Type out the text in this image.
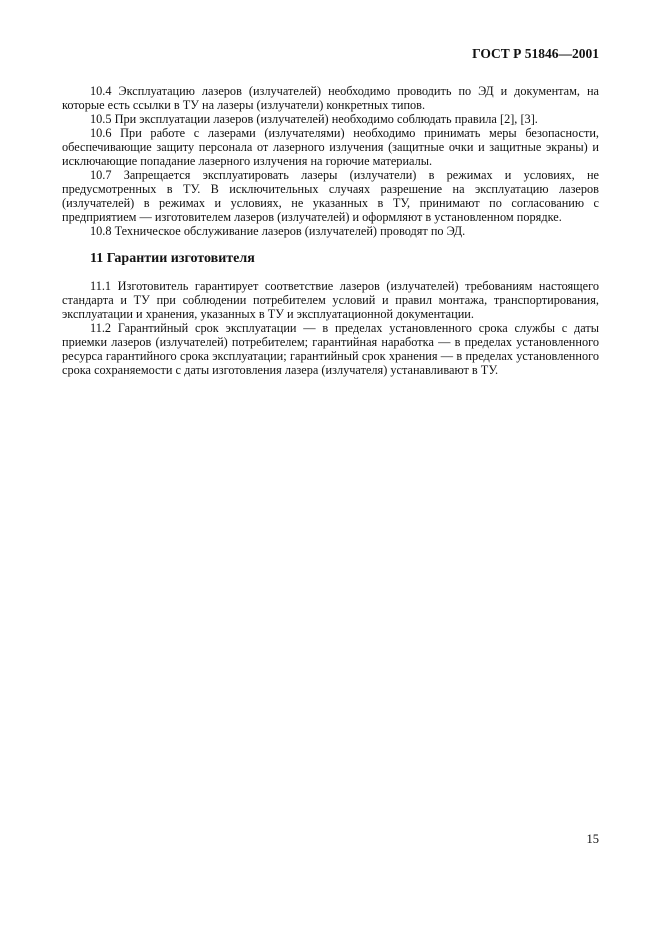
ГОСТ Р 51846—2001

10.4 Эксплуатацию лазеров (излучателей) необходимо проводить по ЭД и документам, на которые есть ссылки в ТУ на лазеры (излучатели) конкретных типов.

10.5 При эксплуатации лазеров (излучателей) необходимо соблюдать правила [2], [3].

10.6 При работе с лазерами (излучателями) необходимо принимать меры безопасности, обеспечивающие защиту персонала от лазерного излучения (защитные очки и защитные экраны) и исключающие попадание лазерного излучения на горючие материалы.

10.7 Запрещается эксплуатировать лазеры (излучатели) в режимах и условиях, не предусмотренных в ТУ. В исключительных случаях разрешение на эксплуатацию лазеров (излучателей) в режимах и условиях, не указанных в ТУ, принимают по согласованию с предприятием — изготовителем лазеров (излучателей) и оформляют в установленном порядке.

10.8 Техническое обслуживание лазеров (излучателей) проводят по ЭД.

11 Гарантии изготовителя

11.1 Изготовитель гарантирует соответствие лазеров (излучателей) требованиям настоящего стандарта и ТУ при соблюдении потребителем условий и правил монтажа, транспортирования, эксплуатации и хранения, указанных в ТУ и эксплуатационной документации.

11.2 Гарантийный срок эксплуатации — в пределах установленного срока службы с даты приемки лазеров (излучателей) потребителем; гарантийная наработка — в пределах установленного ресурса гарантийного срока эксплуатации; гарантийный срок хранения — в пределах установленного срока сохраняемости с даты изготовления лазера (излучателя) устанавливают в ТУ.

15
